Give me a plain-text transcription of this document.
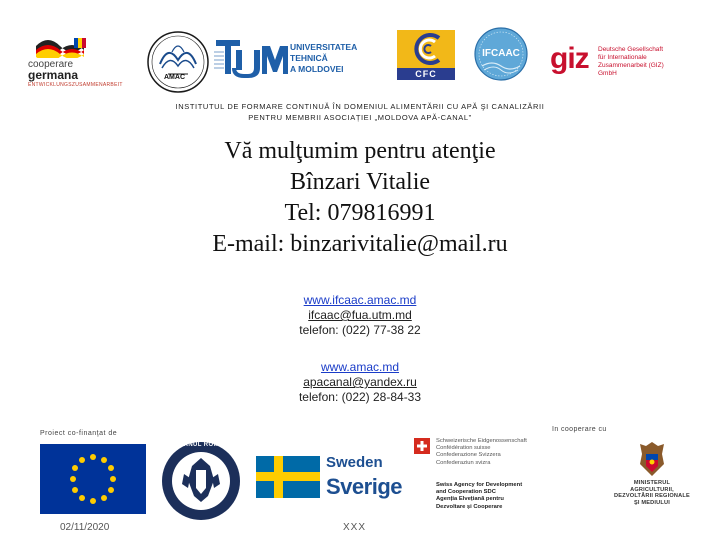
cooperare
germana
ENTWICKLUNGSZUSAMMENARBEIT
AMAC
UNIVERSITATEA TEHNICĂ
A MOLDOVEI	CFC
IFCAAC	giz Deutsche Gesellschaft
für Internationale
Zusammenarbeit (GIZ) GmbH
INSTITUTUL DE FORMARE CONTINUĂ ÎN DOMENIUL ALIMENTĂRII CU APĂ ŞI CANALIZĂRII
PENTRU MEMBRII ASOCIAȚIEI „MOLDOVA APĂ-CANAL”
Vă mulţumim pentru atenţie
Bînzari Vitalie
Tel: 079816991
E-mail: binzarivitalie@mail.ru
www.ifcaac.amac.md
ifcaac@fua.utm.md
telefon: (022) 77-38 22
www.amac.md
apacanal@yandex.ru
telefon: (022) 28-84-33
Proiect co-finanţat de
In cooperare cu
GUVERNUL ROMÂNIEI
Sweden
Sverige
Schweizerische Eidgenossenschaft
Confédération suisse
Confederazione Svizzera
Confederaziun svizra
Swiss Agency for Development
and Cooperation SDC
Agenția Elvețiană pentru
Dezvoltare și Cooperare
MINISTERUL
AGRICULTURII,
DEZVOLTĂRII REGIONALE
ŞI MEDIULUI
02/11/2020	XXX
